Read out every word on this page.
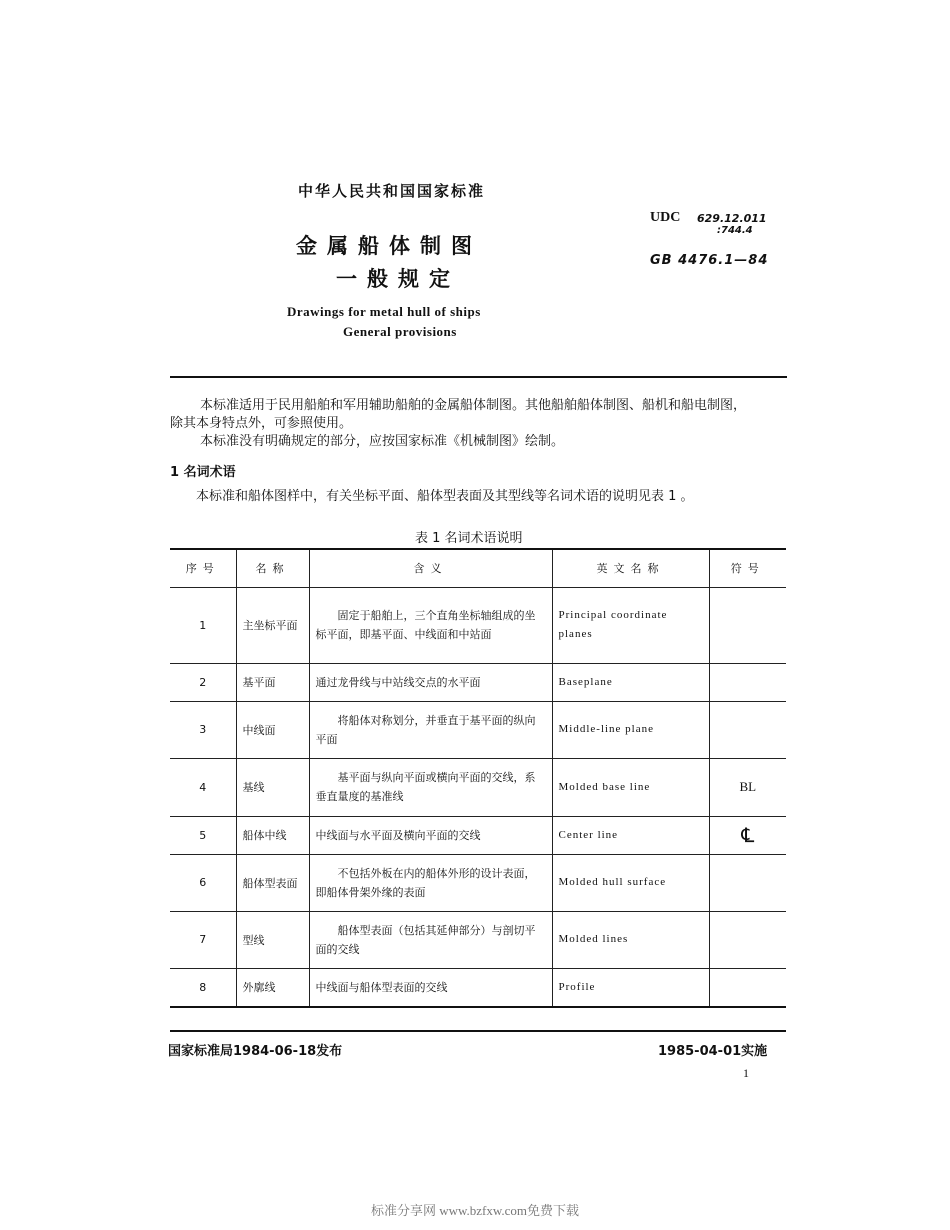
中华人民共和国国家标准
金属船体制图
一般规定
Drawings for metal hull of ships
General provisions
UDC 629.12.011
:744.4
GB 4476.1—84
本标准适用于民用船舶和军用辅助船舶的金属船体制图。其他船舶船体制图、船机和船电制图，
除其本身特点外，可参照使用。
本标准没有明确规定的部分，应按国家标准《机械制图》绘制。
1 名词术语
本标准和船体图样中，有关坐标平面、船体型表面及其型线等名词术语的说明见表 1 。
表 1 名词术语说明
序号	名称	含义	英文名称	符号
1	主坐标平面	固定于船舶上，三个直角坐标轴组成的坐标平面，即基平面、中线面和中站面	Principal coordinate planes	
2	基平面	通过龙骨线与中站线交点的水平面	Baseplane	
3	中线面	将船体对称划分，并垂直于基平面的纵向平面	Middle-line plane	
4	基线	基平面与纵向平面或横向平面的交线，系垂直量度的基准线	Molded base line	BL
5	船体中线	中线面与水平面及横向平面的交线	Center line	℄
6	船体型表面	不包括外板在内的船体外形的设计表面，即船体骨架外缘的表面	Molded hull surface	
7	型线	船体型表面（包括其延伸部分）与剖切平面的交线	Molded lines	
8	外廓线	中线面与船体型表面的交线	Profile	
国家标准局1984-06-18发布	1985-04-01实施
1
标准分享网 www.bzfxw.com免费下载
